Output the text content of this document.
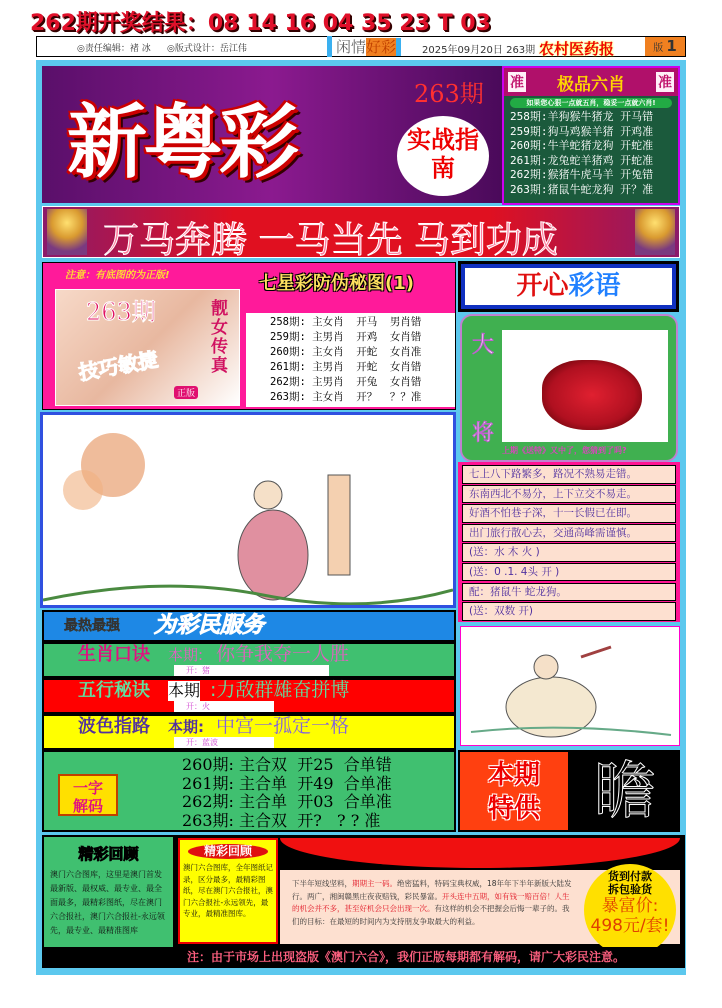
262期开奖结果：08 14 16 04 35 23 T 03
◎责任编辑：褚 冰 ◎版式设计：岳江伟	闲情好彩	2025年09月20日 263期 农村医药报	版 1
新粤彩
263期
实战指南
准 极品六肖 准
如果您心狠一点就五肖，稳妥一点就六肖!
258期:羊狗猴牛猪龙 开马错
259期:狗马鸡猴羊猪 开鸡准
260期:牛羊蛇猪龙狗 开蛇准
261期:龙兔蛇羊猪鸡 开蛇准
262期:猴猪牛虎马羊 开兔错
263期:猪鼠牛蛇龙狗 开？准
万马奔腾 一马当先 马到功成
注意：有底图的为正版!
263期	靓女传真
技巧敏捷
正版
七星彩防伪秘图(1)
258期: 主女肖  开马  男肖错
259期: 主男肖  开鸡  女肖错
260期: 主女肖  开蛇  女肖准
261期: 主男肖  开蛇  女肖错
262期: 主男肖  开兔  女肖错
263期: 主女肖  开？  ？？准
开心彩语
大
将
上期《送特》又中了，您猜到了吗?
七上八下路繁多，路况不熟易走错。
东南西北不易分，上下立交不易走。
好酒不怕巷子深，十一长假已在即。
出门旅行散心去，交通高峰需谨慎。
(送：水 木 火 )
(送：0 .1. 4头 开 )
配：猪鼠牛 蛇龙狗。
(送：双数 开)
最热最强 为彩民服务
生肖口诀 本期: 你争我夺一人胜
开：猪
五行秘诀 本期 :力敌群雄奋拼博
开：火
波色指路 本期: 中宫一孤定一格
开：蓝波
一字
解码
260期: 主合双  开25  合单错
261期: 主合单  开49  合单准
262期: 主合单  开03  合单准
263期: 主合双  开?   ? ? 准
本期
特供 瞻
精彩回顾
澳门六合图库，这里是澳门首发最新版、最权威、最专业、最全面最多，最精彩图纸，尽在澳门六合报社，澳门六合报社-永远领先，最专业、最精准图库
货到付款
拆包验货
暴富价:
498元/套!
下半年短线坚料，期期主一码。绝密猛料，特码宝典权威，18年年下半年新版大陆发行。两广，湘闽赣黑庄夜夜赔钱，彩民暴富。开头连中五期，如有钱一赔百倍！人生的机会并不多，甚至好机会只会出现一次。有这样的机会不把握会后悔一辈子的。我们的目标：在最短的时间内为支持朋友争取最大的利益。
精彩回顾
澳门六合图库，全年图纸记录，区分最多，最精彩图纸，尽在澳门六合报社，澳门六合报社-永远领先，最专业，最精准图库。
注：由于市场上出现盗版《澳门六合》，我们正版每期都有解码，请广大彩民注意。
